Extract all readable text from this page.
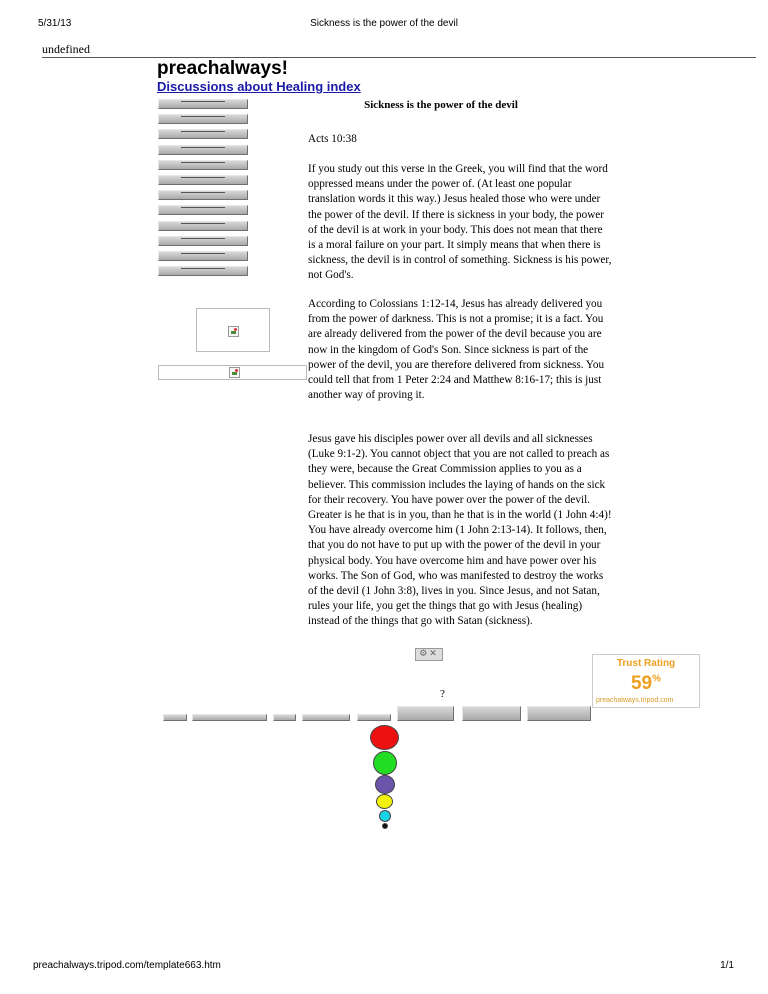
5/31/13	Sickness is the power of the devil
undefined
preachalways!
Discussions about Healing index
Sickness is the power of the devil

Acts 10:38

If you study out this verse in the Greek, you will find that the word oppressed means under the power of. (At least one popular translation words it this way.) Jesus healed those who were under the power of the devil. If there is sickness in your body, the power of the devil is at work in your body. This does not mean that there is a moral failure on your part. It simply means that when there is sickness, the devil is in control of something. Sickness is his power, not God's.

According to Colossians 1:12-14, Jesus has already delivered you from the power of darkness. This is not a promise; it is a fact. You are already delivered from the power of the devil because you are now in the kingdom of God's Son. Since sickness is part of the power of the devil, you are therefore delivered from sickness. You could tell that from 1 Peter 2:24 and Matthew 8:16-17; this is just another way of proving it.

Jesus gave his disciples power over all devils and all sicknesses (Luke 9:1-2). You cannot object that you are not called to preach as they were, because the Great Commission applies to you as a believer. This commission includes the laying of hands on the sick for their recovery. You have power over the power of the devil. Greater is he that is in you, than he that is in the world (1 John 4:4)! You have already overcome him (1 John 2:13-14). It follows, then, that you do not have to put up with the power of the devil in your physical body. You have overcome him and have power over his works. The Son of God, who was manifested to destroy the works of the devil (1 John 3:8), lives in you. Since Jesus, and not Satan, rules your life, you get the things that go with Jesus (healing) instead of the things that go with Satan (sickness).

⚙✕
Trust Rating
59%
preachalways.tripod.com
?
preachalways.tripod.com/template663.htm	1/1
